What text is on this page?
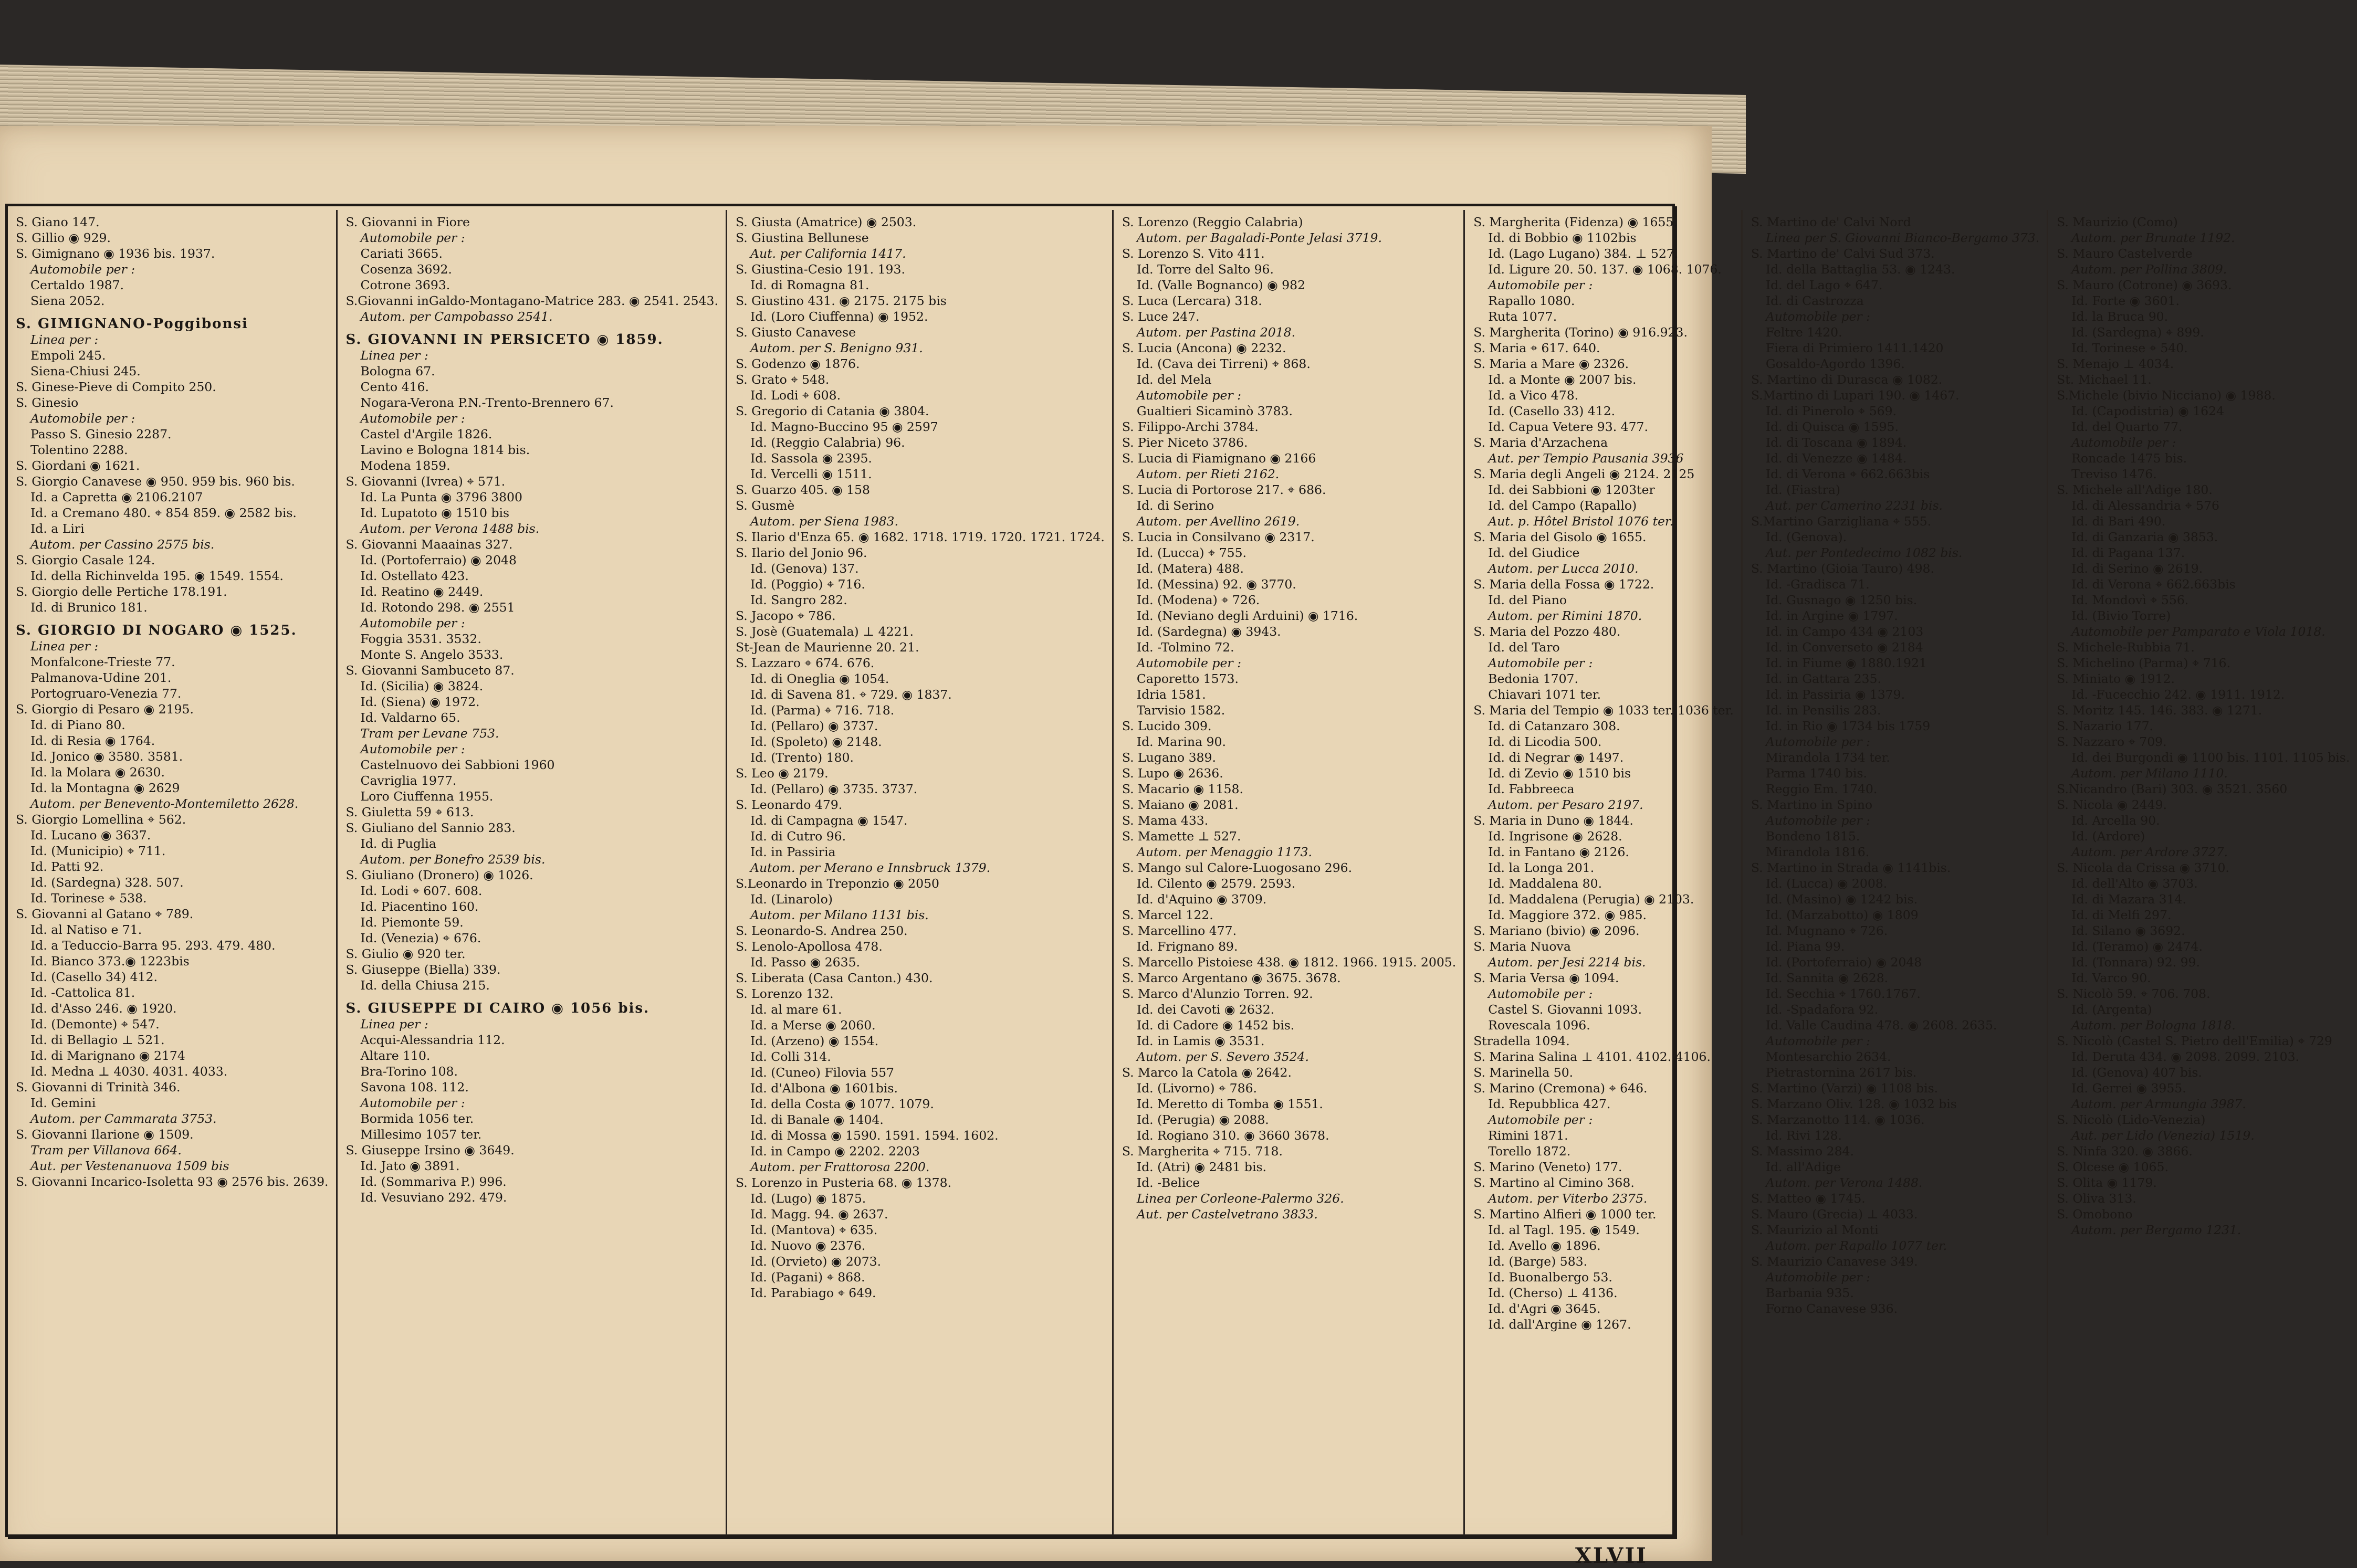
S. Giano 147.

S. Gillio ◉ 929.

S. Gimignano ◉ 1936 bis. 1937.

Automobile per :

Certaldo 1987.

Siena 2052.

S. GIMIGNANO-Poggibonsi

Linea per :

Empoli 245.

Siena-Chiusi 245.

S. Ginese-Pieve di Compito 250.

S. Ginesio

Automobile per :

Passo S. Ginesio 2287.

Tolentino 2288.

S. Giordani ◉ 1621.

S. Giorgio Canavese ◉ 950. 959 bis. 960 bis.

Id. a Capretta ◉ 2106.2107

Id. a Cremano 480. ⌖ 854 859. ◉ 2582 bis.

Id. a Liri

Autom. per Cassino 2575 bis.

S. Giorgio Casale 124.

Id. della Richinvelda 195. ◉ 1549. 1554.

S. Giorgio delle Pertiche 178.191.

Id. di Brunico 181.

S. GIORGIO DI NOGARO ◉ 1525.

Linea per :

Monfalcone-Trieste 77.

Palmanova-Udine 201.

Portogruaro-Venezia 77.

S. Giorgio di Pesaro ◉ 2195.

Id. di Piano 80.

Id. di Resia ◉ 1764.

Id. Jonico ◉ 3580. 3581.

Id. la Molara ◉ 2630.

Id. la Montagna ◉ 2629

Autom. per Benevento-Montemiletto 2628.

S. Giorgio Lomellina ⌖ 562.

Id. Lucano ◉ 3637.

Id. (Municipio) ⌖ 711.

Id. Patti 92.

Id. (Sardegna) 328. 507.

Id. Torinese ⌖ 538.

S. Giovanni al Gatano ⌖ 789.

Id. al Natiso e 71.

Id. a Teduccio-Barra 95. 293. 479. 480.

Id. Bianco 373.◉ 1223bis

Id. (Casello 34) 412.

Id. -Cattolica 81.

Id. d'Asso 246. ◉ 1920.

Id. (Demonte) ⌖ 547.

Id. di Bellagio ⊥ 521.

Id. di Marignano ◉ 2174

Id. Medna ⊥ 4030. 4031. 4033.

S. Giovanni di Trinità 346.

Id. Gemini

Autom. per Cammarata 3753.

S. Giovanni Ilarione ◉ 1509.

Tram per Villanova 664.

Aut. per Vestenanuova 1509 bis

S. Giovanni Incarico-Isoletta 93 ◉ 2576 bis. 2639.

S. Giovanni in Fiore

Automobile per :

Cariati 3665.

Cosenza 3692.

Cotrone 3693.

S.Giovanni inGaldo-Montagano-Matrice 283. ◉ 2541. 2543.

Autom. per Campobasso 2541.

S. GIOVANNI IN PERSICETO ◉ 1859.

Linea per :

Bologna 67.

Cento 416.

Nogara-Verona P.N.-Trento-Brennero 67.

Automobile per :

Castel d'Argile 1826.

Lavino e Bologna 1814 bis.

Modena 1859.

S. Giovanni (Ivrea) ⌖ 571.

Id. La Punta ◉ 3796 3800

Id. Lupatoto ◉ 1510 bis

Autom. per Verona 1488 bis.

S. Giovanni Maaainas 327.

Id. (Portoferraio) ◉ 2048

Id. Ostellato 423.

Id. Reatino ◉ 2449.

Id. Rotondo 298. ◉ 2551

Automobile per :

Foggia 3531. 3532.

Monte S. Angelo 3533.

S. Giovanni Sambuceto 87.

Id. (Sicilia) ◉ 3824.

Id. (Siena) ◉ 1972.

Id. Valdarno 65.

Tram per Levane 753.

Automobile per :

Castelnuovo dei Sabbioni 1960

Cavriglia 1977.

Loro Ciuffenna 1955.

S. Giuletta 59 ⌖ 613.

S. Giuliano del Sannio 283.

Id. di Puglia

Autom. per Bonefro 2539 bis.

S. Giuliano (Dronero) ◉ 1026.

Id. Lodi ⌖ 607. 608.

Id. Piacentino 160.

Id. Piemonte 59.

Id. (Venezia) ⌖ 676.

S. Giulio ◉ 920 ter.

S. Giuseppe (Biella) 339.

Id. della Chiusa 215.

S. GIUSEPPE DI CAIRO ◉ 1056 bis.

Linea per :

Acqui-Alessandria 112.

Altare 110.

Bra-Torino 108.

Savona 108. 112.

Automobile per :

Bormida 1056 ter.

Millesimo 1057 ter.

S. Giuseppe Irsino ◉ 3649.

Id. Jato ◉ 3891.

Id. (Sommariva P.) 996.

Id. Vesuviano 292. 479.

S. Giusta (Amatrice) ◉ 2503.

S. Giustina Bellunese

Aut. per California 1417.

S. Giustina-Cesio 191. 193.

Id. di Romagna 81.

S. Giustino 431. ◉ 2175. 2175 bis

Id. (Loro Ciuffenna) ◉ 1952.

S. Giusto Canavese

Autom. per S. Benigno 931.

S. Godenzo ◉ 1876.

S. Grato ⌖ 548.

Id. Lodi ⌖ 608.

S. Gregorio di Catania ◉ 3804.

Id. Magno-Buccino 95 ◉ 2597

Id. (Reggio Calabria) 96.

Id. Sassola ◉ 2395.

Id. Vercelli ◉ 1511.

S. Guarzo 405. ◉ 158

S. Gusmè

Autom. per Siena 1983.

S. Ilario d'Enza 65. ◉ 1682. 1718. 1719. 1720. 1721. 1724.

S. Ilario del Jonio 96.

Id. (Genova) 137.

Id. (Poggio) ⌖ 716.

Id. Sangro 282.

S. Jacopo ⌖ 786.

S. Josè (Guatemala) ⊥ 4221.

St-Jean de Maurienne 20. 21.

S. Lazzaro ⌖ 674. 676.

Id. di Oneglia ◉ 1054.

Id. di Savena 81. ⌖ 729. ◉ 1837.

Id. (Parma) ⌖ 716. 718.

Id. (Pellaro) ◉ 3737.

Id. (Spoleto) ◉ 2148.

Id. (Trento) 180.

S. Leo ◉ 2179.

Id. (Pellaro) ◉ 3735. 3737.

S. Leonardo 479.

Id. di Campagna ◉ 1547.

Id. di Cutro 96.

Id. in Passiria

Autom. per Merano e Innsbruck 1379.

S.Leonardo in Treponzio ◉ 2050

Id. (Linarolo)

Autom. per Milano 1131 bis.

S. Leonardo-S. Andrea 250.

S. Lenolo-Apollosa 478.

Id. Passo ◉ 2635.

S. Liberata (Casa Canton.) 430.

S. Lorenzo 132.

Id. al mare 61.

Id. a Merse ◉ 2060.

Id. (Arzeno) ◉ 1554.

Id. Colli 314.

Id. (Cuneo) Filovia 557

Id. d'Albona ◉ 1601bis.

Id. della Costa ◉ 1077. 1079.

Id. di Banale ◉ 1404.

Id. di Mossa ◉ 1590. 1591. 1594. 1602.

Id. in Campo ◉ 2202. 2203

Autom. per Frattorosa 2200.

S. Lorenzo in Pusteria 68. ◉ 1378.

Id. (Lugo) ◉ 1875.

Id. Magg. 94. ◉ 2637.

Id. (Mantova) ⌖ 635.

Id. Nuovo ◉ 2376.

Id. (Orvieto) ◉ 2073.

Id. (Pagani) ⌖ 868.

Id. Parabiago ⌖ 649.

S. Lorenzo (Reggio Calabria)

Autom. per Bagaladi-Ponte Jelasi 3719.

S. Lorenzo S. Vito 411.

Id. Torre del Salto 96.

Id. (Valle Bognanco) ◉ 982

S. Luca (Lercara) 318.

S. Luce 247.

Autom. per Pastina 2018.

S. Lucia (Ancona) ◉ 2232.

Id. (Cava dei Tirreni) ⌖ 868.

Id. del Mela

Automobile per :

Gualtieri Sicaminò 3783.

S. Filippo-Archi 3784.

S. Pier Niceto 3786.

S. Lucia di Fiamignano ◉ 2166

Autom. per Rieti 2162.

S. Lucia di Portorose 217. ⌖ 686.

Id. di Serino

Autom. per Avellino 2619.

S. Lucia in Consilvano ◉ 2317.

Id. (Lucca) ⌖ 755.

Id. (Matera) 488.

Id. (Messina) 92. ◉ 3770.

Id. (Modena) ⌖ 726.

Id. (Neviano degli Arduini) ◉ 1716.

Id. (Sardegna) ◉ 3943.

Id. -Tolmino 72.

Automobile per :

Caporetto 1573.

Idria 1581.

Tarvisio 1582.

S. Lucido 309.

Id. Marina 90.

S. Lugano 389.

S. Lupo ◉ 2636.

S. Macario ◉ 1158.

S. Maiano ◉ 2081.

S. Mama 433.

S. Mamette ⊥ 527.

Autom. per Menaggio 1173.

S. Mango sul Calore-Luogosano 296.

Id. Cilento ◉ 2579. 2593.

Id. d'Aquino ◉ 3709.

S. Marcel 122.

S. Marcellino 477.

Id. Frignano 89.

S. Marcello Pistoiese 438. ◉ 1812. 1966. 1915. 2005.

S. Marco Argentano ◉ 3675. 3678.

S. Marco d'Alunzio Torren. 92.

Id. dei Cavoti ◉ 2632.

Id. di Cadore ◉ 1452 bis.

Id. in Lamis ◉ 3531.

Autom. per S. Severo 3524.

S. Marco la Catola ◉ 2642.

Id. (Livorno) ⌖ 786.

Id. Meretto di Tomba ◉ 1551.

Id. (Perugia) ◉ 2088.

Id. Rogiano 310. ◉ 3660 3678.

S. Margherita ⌖ 715. 718.

Id. (Atri) ◉ 2481 bis.

Id. -Belice

Linea per Corleone-Palermo 326.

Aut. per Castelvetrano 3833.

S. Margherita (Fidenza) ◉ 1655.

Id. di Bobbio ◉ 1102bis

Id. (Lago Lugano) 384. ⊥ 527.

Id. Ligure 20. 50. 137. ◉ 1068. 1076.

Automobile per :

Rapallo 1080.

Ruta 1077.

S. Margherita (Torino) ◉ 916.923.

S. Maria ⌖ 617. 640.

S. Maria a Mare ◉ 2326.

Id. a Monte ◉ 2007 bis.

Id. a Vico 478.

Id. (Casello 33) 412.

Id. Capua Vetere 93. 477.

S. Maria d'Arzachena

Aut. per Tempio Pausania 3936

S. Maria degli Angeli ◉ 2124. 2125

Id. dei Sabbioni ◉ 1203ter

Id. del Campo (Rapallo)

Aut. p. Hôtel Bristol 1076 ter.

S. Maria del Gisolo ◉ 1655.

Id. del Giudice

Autom. per Lucca 2010.

S. Maria della Fossa ◉ 1722.

Id. del Piano

Autom. per Rimini 1870.

S. Maria del Pozzo 480.

Id. del Taro

Automobile per :

Bedonia 1707.

Chiavari 1071 ter.

S. Maria del Tempio ◉ 1033 ter. 1036 ter.

Id. di Catanzaro 308.

Id. di Licodia 500.

Id. di Negrar ◉ 1497.

Id. di Zevio ◉ 1510 bis

Id. Fabbreeca

Autom. per Pesaro 2197.

S. Maria in Duno ◉ 1844.

Id. Ingrisone ◉ 2628.

Id. in Fantano ◉ 2126.

Id. la Longa 201.

Id. Maddalena 80.

Id. Maddalena (Perugia) ◉ 2103.

Id. Maggiore 372. ◉ 985.

S. Mariano (bivio) ◉ 2096.

S. Maria Nuova

Autom. per Jesi 2214 bis.

S. Maria Versa ◉ 1094.

Automobile per :

Castel S. Giovanni 1093.

Rovescala 1096.

Stradella 1094.

S. Marina Salina ⊥ 4101. 4102. 4106.

S. Marinella 50.

S. Marino (Cremona) ⌖ 646.

Id. Repubblica 427.

Automobile per :

Rimini 1871.

Torello 1872.

S. Marino (Veneto) 177.

S. Martino al Cimino 368.

Autom. per Viterbo 2375.

S. Martino Alfieri ◉ 1000 ter.

Id. al Tagl. 195. ◉ 1549.

Id. Avello ◉ 1896.

Id. (Barge) 583.

Id. Buonalbergo 53.

Id. (Cherso) ⊥ 4136.

Id. d'Agri ◉ 3645.

Id. dall'Argine ◉ 1267.

S. Martino de' Calvi Nord

Linea per S. Giovanni Bianco-Bergamo 373.

S. Martino de' Calvi Sud 373.

Id. della Battaglia 53. ◉ 1243.

Id. del Lago ⌖ 647.

Id. di Castrozza

Automobile per :

Feltre 1420.

Fiera di Primiero 1411.1420

Gosaldo-Agordo 1396.

S. Martino di Durasca ◉ 1082.

S.Martino di Lupari 190. ◉ 1467.

Id. di Pinerolo ⌖ 569.

Id. di Quisca ◉ 1595.

Id. di Toscana ◉ 1894.

Id. di Venezze ◉ 1484.

Id. di Verona ⌖ 662.663bis

Id. (Fiastra)

Aut. per Camerino 2231 bis.

S.Martino Garzigliana ⌖ 555.

Id. (Genova).

Aut. per Pontedecimo 1082 bis.

S. Martino (Gioia Tauro) 498.

Id. -Gradisca 71.

Id. Gusnago ◉ 1250 bis.

Id. in Argine ◉ 1797.

Id. in Campo 434 ◉ 2103

Id. in Converseto ◉ 2184

Id. in Fiume ◉ 1880.1921

Id. in Gattara 235.

Id. in Passiria ◉ 1379.

Id. in Pensilis 283.

Id. in Rio ◉ 1734 bis 1759

Automobile per :

Mirandola 1734 ter.

Parma 1740 bis.

Reggio Em. 1740.

S. Martino in Spino

Automobile per :

Bondeno 1815.

Mirandola 1816.

S. Martino in Strada ◉ 1141bis.

Id. (Lucca) ◉ 2008.

Id. (Masino) ◉ 1242 bis.

Id. (Marzabotto) ◉ 1809

Id. Mugnano ⌖ 726.

Id. Piana 99.

Id. (Portoferraio) ◉ 2048

Id. Sannita ◉ 2628.

Id. Secchia ⌖ 1760.1767.

Id. -Spadafora 92.

Id. Valle Caudina 478. ◉ 2608. 2635.

Automobile per :

Montesarchio 2634.

Pietrastornina 2617 bis.

S. Martino (Varzi) ◉ 1108 bis.

S. Marzano Oliv. 128. ◉ 1032 bis

S. Marzanotto 114. ◉ 1036.

Id. Rivi 128.

S. Massimo 284.

Id. all'Adige

Autom. per Verona 1488.

S. Matteo ◉ 1745.

S. Mauro (Grecia) ⊥ 4033.

S. Maurizio al Monti

Autom. per Rapallo 1077 ter.

S. Maurizio Canavese 349.

Automobile per :

Barbania 935.

Forno Canavese 936.

S. Maurizio (Como)

Autom. per Brunate 1192.

S. Mauro Castelverde

Autom. per Pollina 3809.

S. Mauro (Cotrone) ◉ 3693.

Id. Forte ◉ 3601.

Id. la Bruca 90.

Id. (Sardegna) ⌖ 899.

Id. Torinese ⌖ 540.

S. Menajo ⊥ 4034.

St. Michael 11.

S.Michele (bivio Nicciano) ◉ 1988.

Id. (Capodistria) ◉ 1624

Id. del Quarto 77.

Automobile per :

Roncade 1475 bis.

Treviso 1476.

S. Michele all'Adige 180.

Id. di Alessandria ⌖ 576

Id. di Bari 490.

Id. di Ganzaria ◉ 3853.

Id. di Pagana 137.

Id. di Serino ◉ 2619.

Id. di Verona ⌖ 662.663bis

Id. Mondovì ⌖ 556.

Id. (Bivio Torre)

Automobile per Pamparato e Viola 1018.

S. Michele-Rubbia 71.

S. Michelino (Parma) ⌖ 716.

S. Miniato ◉ 1912.

Id. -Fucecchio 242. ◉ 1911. 1912.

S. Moritz 145. 146. 383. ◉ 1271.

S. Nazario 177.

S. Nazzaro ⌖ 709.

Id. dei Burgondi ◉ 1100 bis. 1101. 1105 bis.

Autom. per Milano 1110.

S.Nicandro (Bari) 303. ◉ 3521. 3560

S. Nicola ◉ 2449.

Id. Arcella 90.

Id. (Ardore)

Autom. per Ardore 3727.

S. Nicola da Crissa ◉ 3710.

Id. dell'Alto ◉ 3703.

Id. di Mazara 314.

Id. di Melfi 297.

Id. Silano ◉ 3692.

Id. (Teramo) ◉ 2474.

Id. (Tonnara) 92. 99.

Id. Varco 90.

S. Nicolò 59. ⌖ 706. 708.

Id. (Argenta)

Autom. per Bologna 1818.

S. Nicolò (Castel S. Pietro dell'Emilia) ⌖ 729

Id. Deruta 434. ◉ 2098. 2099. 2103.

Id. (Genova) 407 bis.

Id. Gerrei ◉ 3955.

Autom. per Armungia 3987.

S. Nicolò (Lido-Venezia)

Aut. per Lido (Venezia) 1519.

S. Ninfa 320. ◉ 3866.

S. Olcese ◉ 1065.

S. Olita ◉ 1179.

S. Oliva 313.

S. Omobono

Autom. per Bergamo 1231.

XLVII
